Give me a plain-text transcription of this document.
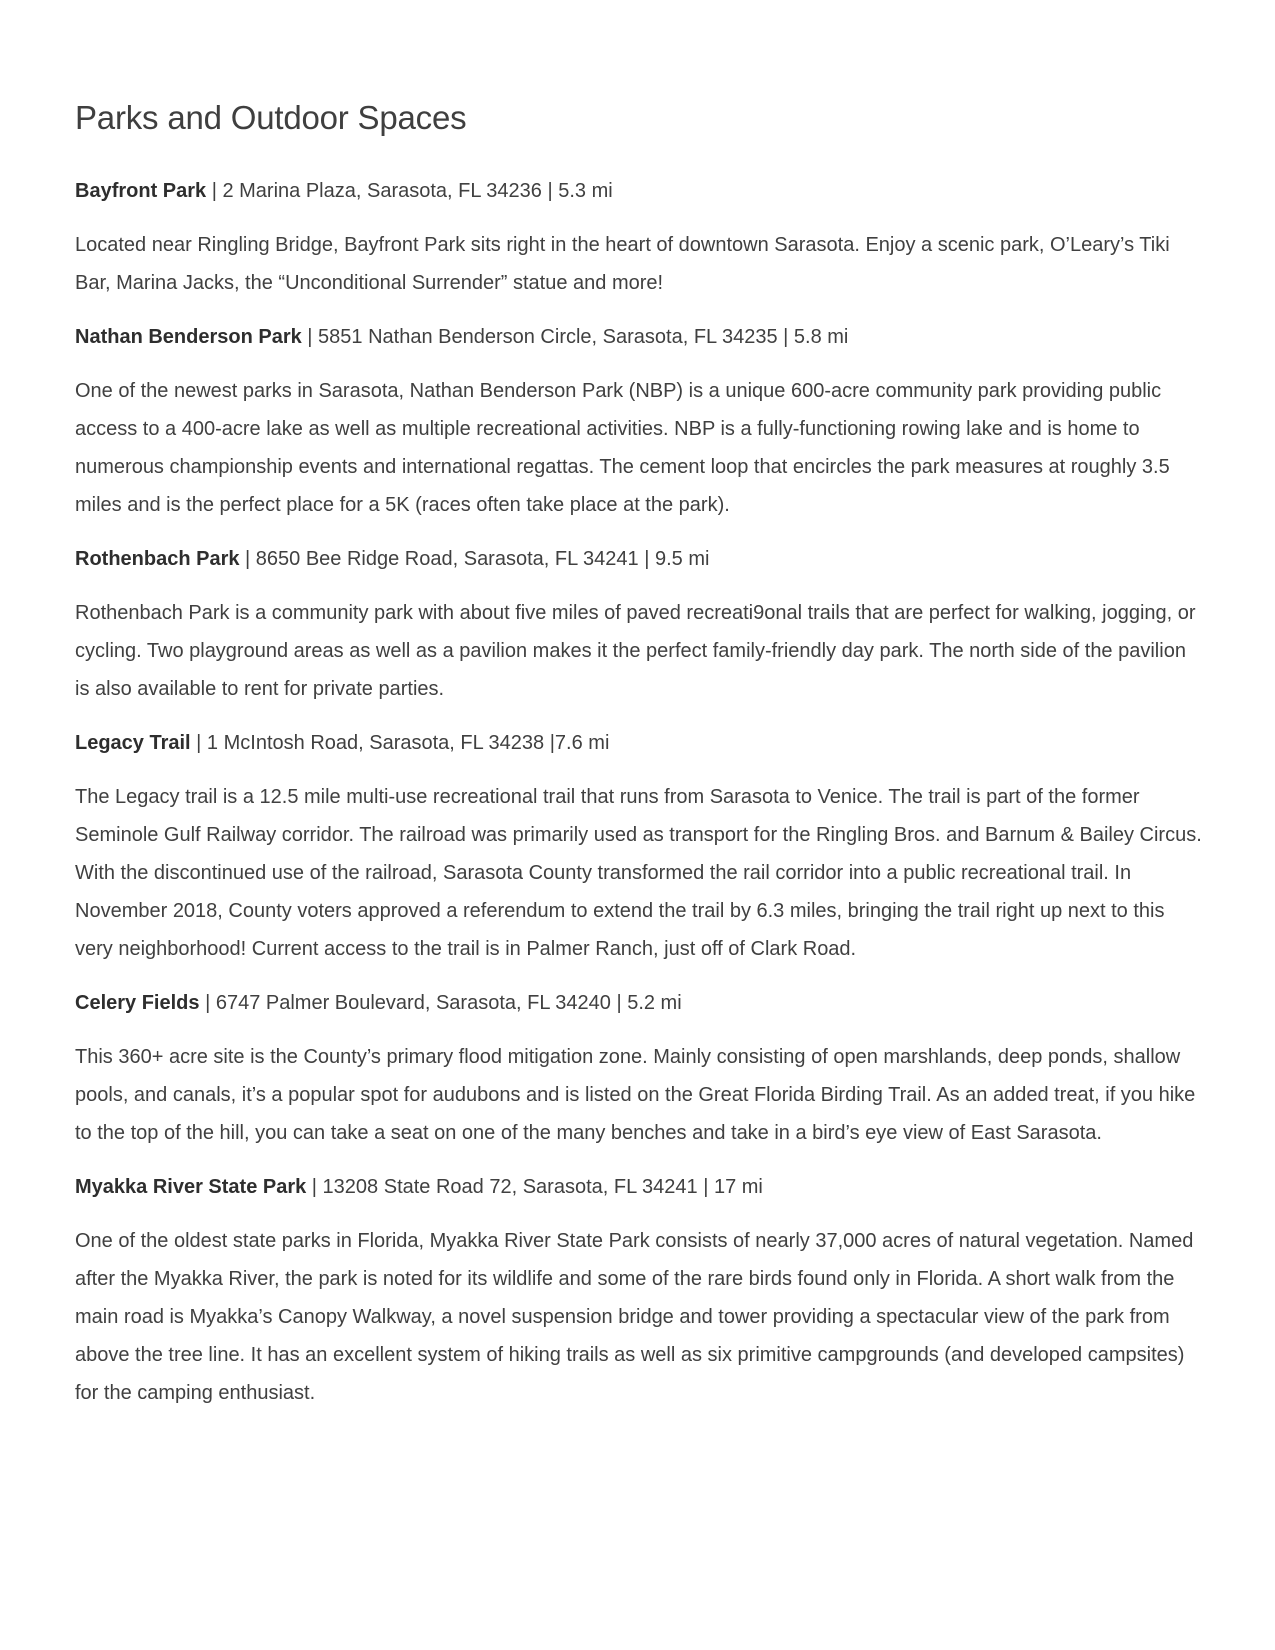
Parks and Outdoor Spaces

Bayfront Park | 2 Marina Plaza, Sarasota, FL 34236 | 5.3 mi

Located near Ringling Bridge, Bayfront Park sits right in the heart of downtown Sarasota. Enjoy a scenic park, O’Leary’s Tiki Bar, Marina Jacks, the “Unconditional Surrender” statue and more!

Nathan Benderson Park | 5851 Nathan Benderson Circle, Sarasota, FL 34235 | 5.8 mi

One of the newest parks in Sarasota, Nathan Benderson Park (NBP) is a unique 600-acre community park providing public access to a 400-acre lake as well as multiple recreational activities. NBP is a fully-functioning rowing lake and is home to numerous championship events and international regattas. The cement loop that encircles the park measures at roughly 3.5 miles and is the perfect place for a 5K (races often take place at the park).

Rothenbach Park | 8650 Bee Ridge Road, Sarasota, FL 34241 | 9.5 mi

Rothenbach Park is a community park with about five miles of paved recreati9onal trails that are perfect for walking, jogging, or cycling. Two playground areas as well as a pavilion makes it the perfect family-friendly day park. The north side of the pavilion is also available to rent for private parties.

Legacy Trail | 1 McIntosh Road, Sarasota, FL 34238 |7.6 mi

The Legacy trail is a 12.5 mile multi-use recreational trail that runs from Sarasota to Venice. The trail is part of the former Seminole Gulf Railway corridor. The railroad was primarily used as transport for the Ringling Bros. and Barnum & Bailey Circus. With the discontinued use of the railroad, Sarasota County transformed the rail corridor into a public recreational trail. In November 2018, County voters approved a referendum to extend the trail by 6.3 miles, bringing the trail right up next to this very neighborhood! Current access to the trail is in Palmer Ranch, just off of Clark Road.

Celery Fields | 6747 Palmer Boulevard, Sarasota, FL 34240 | 5.2 mi

This 360+ acre site is the County’s primary flood mitigation zone. Mainly consisting of open marshlands, deep ponds, shallow pools, and canals, it’s a popular spot for audubons and is listed on the Great Florida Birding Trail. As an added treat, if you hike to the top of the hill, you can take a seat on one of the many benches and take in a bird’s eye view of East Sarasota.

Myakka River State Park | 13208 State Road 72, Sarasota, FL 34241 | 17 mi

One of the oldest state parks in Florida, Myakka River State Park consists of nearly 37,000 acres of natural vegetation. Named after the Myakka River, the park is noted for its wildlife and some of the rare birds found only in Florida. A short walk from the main road is Myakka’s Canopy Walkway, a novel suspension bridge and tower providing a spectacular view of the park from above the tree line. It has an excellent system of hiking trails as well as six primitive campgrounds (and developed campsites) for the camping enthusiast.
